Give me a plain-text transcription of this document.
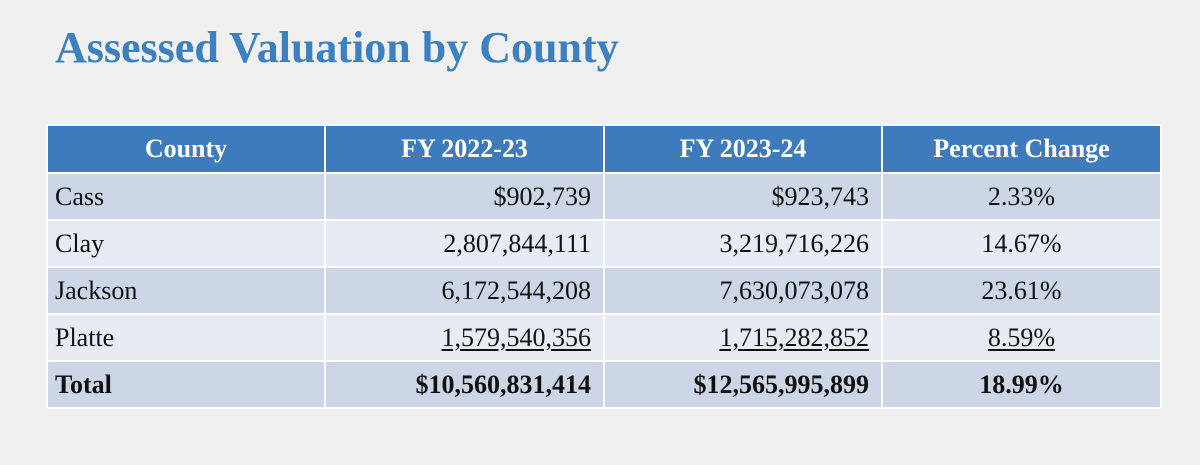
Assessed Valuation by County
County	FY 2022-23	FY 2023-24	Percent Change
Cass	$902,739	$923,743	2.33%
Clay	2,807,844,111	3,219,716,226	14.67%
Jackson	6,172,544,208	7,630,073,078	23.61%
Platte	1,579,540,356	1,715,282,852	8.59%
Total	$10,560,831,414	$12,565,995,899	18.99%
